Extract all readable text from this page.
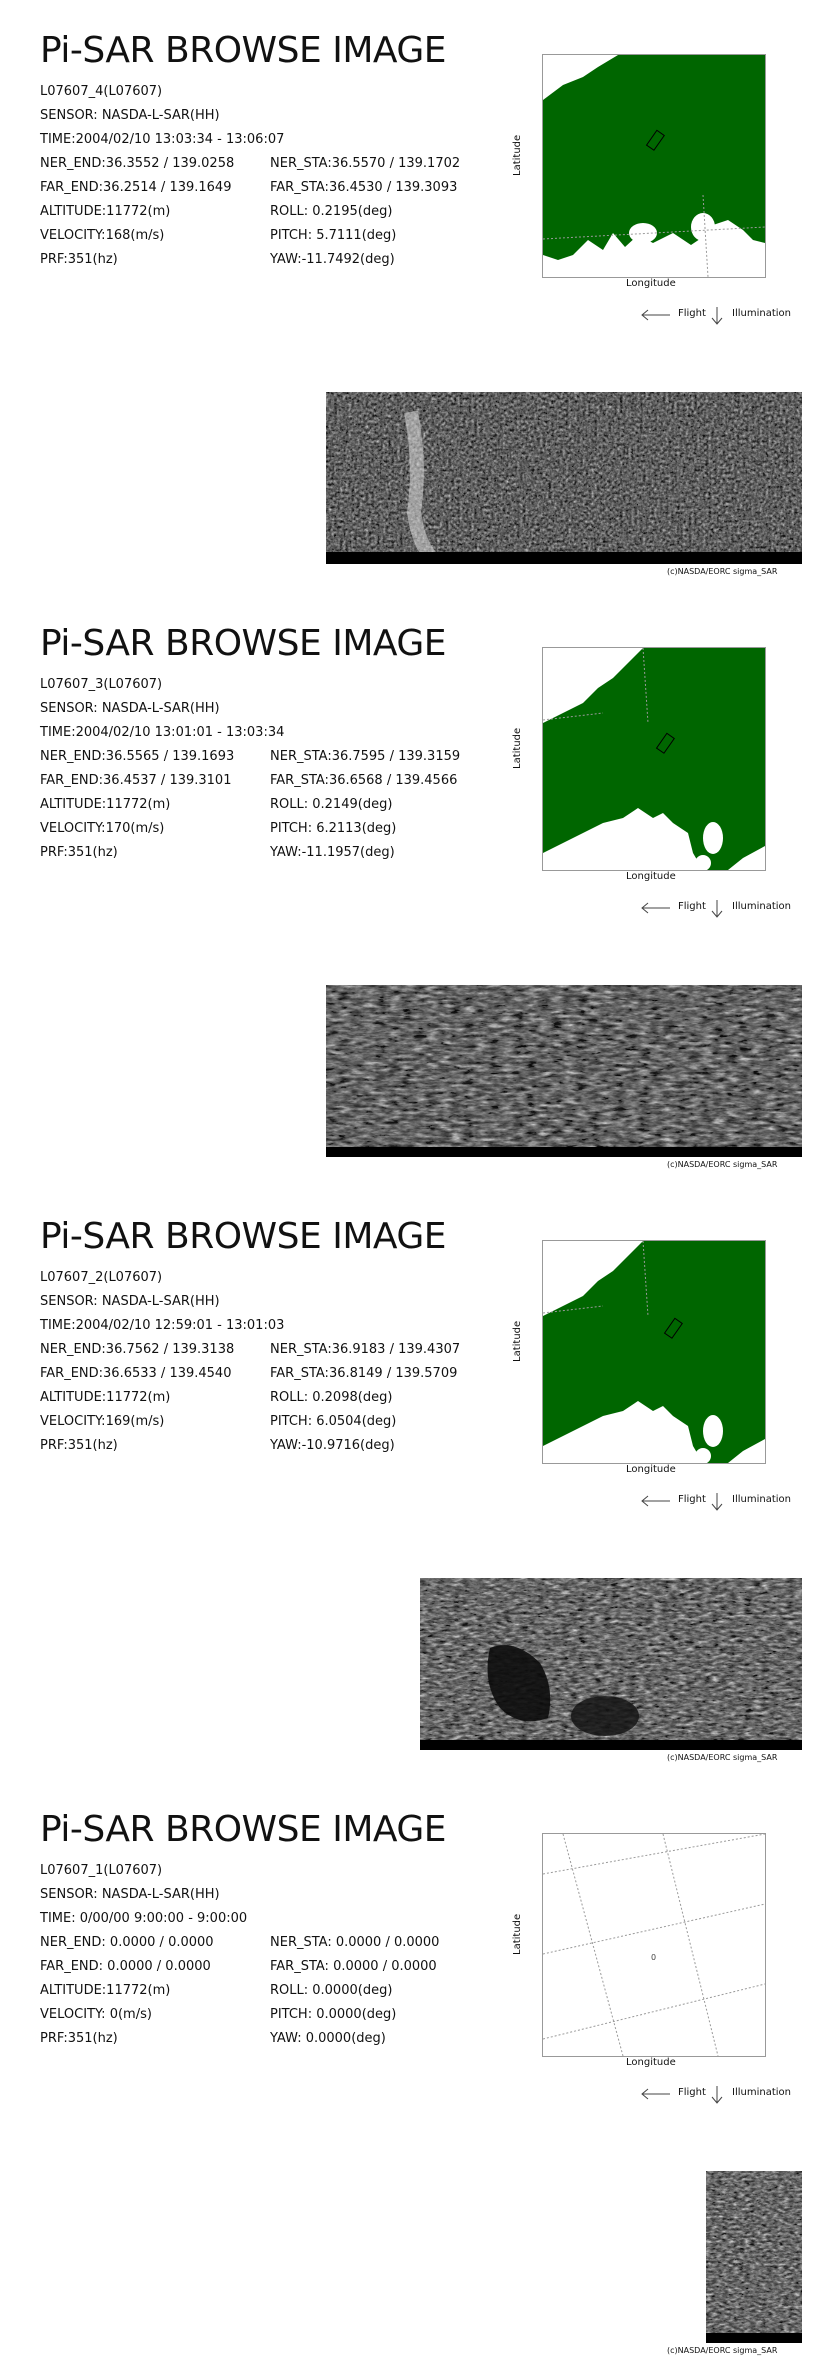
Pi-SAR BROWSE IMAGE
L07607_4(L07607)
SENSOR: NASDA-L-SAR(HH)
TIME:2004/02/10 13:03:34 - 13:06:07
NER_END:36.3552 / 139.0258	NER_STA:36.5570 / 139.1702
FAR_END:36.2514 / 139.1649	FAR_STA:36.4530 / 139.3093
ALTITUDE:11772(m)	ROLL: 0.2195(deg)
VELOCITY:168(m/s)	PITCH: 5.7111(deg)
PRF:351(hz)	YAW:-11.7492(deg)
Latitude
Longitude
Flight	Illumination
(c)NASDA/EORC sigma_SAR
Pi-SAR BROWSE IMAGE
L07607_3(L07607)
SENSOR: NASDA-L-SAR(HH)
TIME:2004/02/10 13:01:01 - 13:03:34
NER_END:36.5565 / 139.1693	NER_STA:36.7595 / 139.3159
FAR_END:36.4537 / 139.3101	FAR_STA:36.6568 / 139.4566
ALTITUDE:11772(m)	ROLL: 0.2149(deg)
VELOCITY:170(m/s)	PITCH: 6.2113(deg)
PRF:351(hz)	YAW:-11.1957(deg)
Latitude
Longitude
Flight	Illumination
(c)NASDA/EORC sigma_SAR
Pi-SAR BROWSE IMAGE
L07607_2(L07607)
SENSOR: NASDA-L-SAR(HH)
TIME:2004/02/10 12:59:01 - 13:01:03
NER_END:36.7562 / 139.3138	NER_STA:36.9183 / 139.4307
FAR_END:36.6533 / 139.4540	FAR_STA:36.8149 / 139.5709
ALTITUDE:11772(m)	ROLL: 0.2098(deg)
VELOCITY:169(m/s)	PITCH: 6.0504(deg)
PRF:351(hz)	YAW:-10.9716(deg)
Latitude
Longitude
Flight	Illumination
(c)NASDA/EORC sigma_SAR
Pi-SAR BROWSE IMAGE
L07607_1(L07607)
SENSOR: NASDA-L-SAR(HH)
TIME: 0/00/00 9:00:00 - 9:00:00
NER_END: 0.0000 / 0.0000	NER_STA: 0.0000 / 0.0000
FAR_END: 0.0000 / 0.0000	FAR_STA: 0.0000 / 0.0000
ALTITUDE:11772(m)	ROLL: 0.0000(deg)
VELOCITY: 0(m/s)	PITCH: 0.0000(deg)
PRF:351(hz)	YAW: 0.0000(deg)
0
Latitude
Longitude
Flight	Illumination
(c)NASDA/EORC sigma_SAR
